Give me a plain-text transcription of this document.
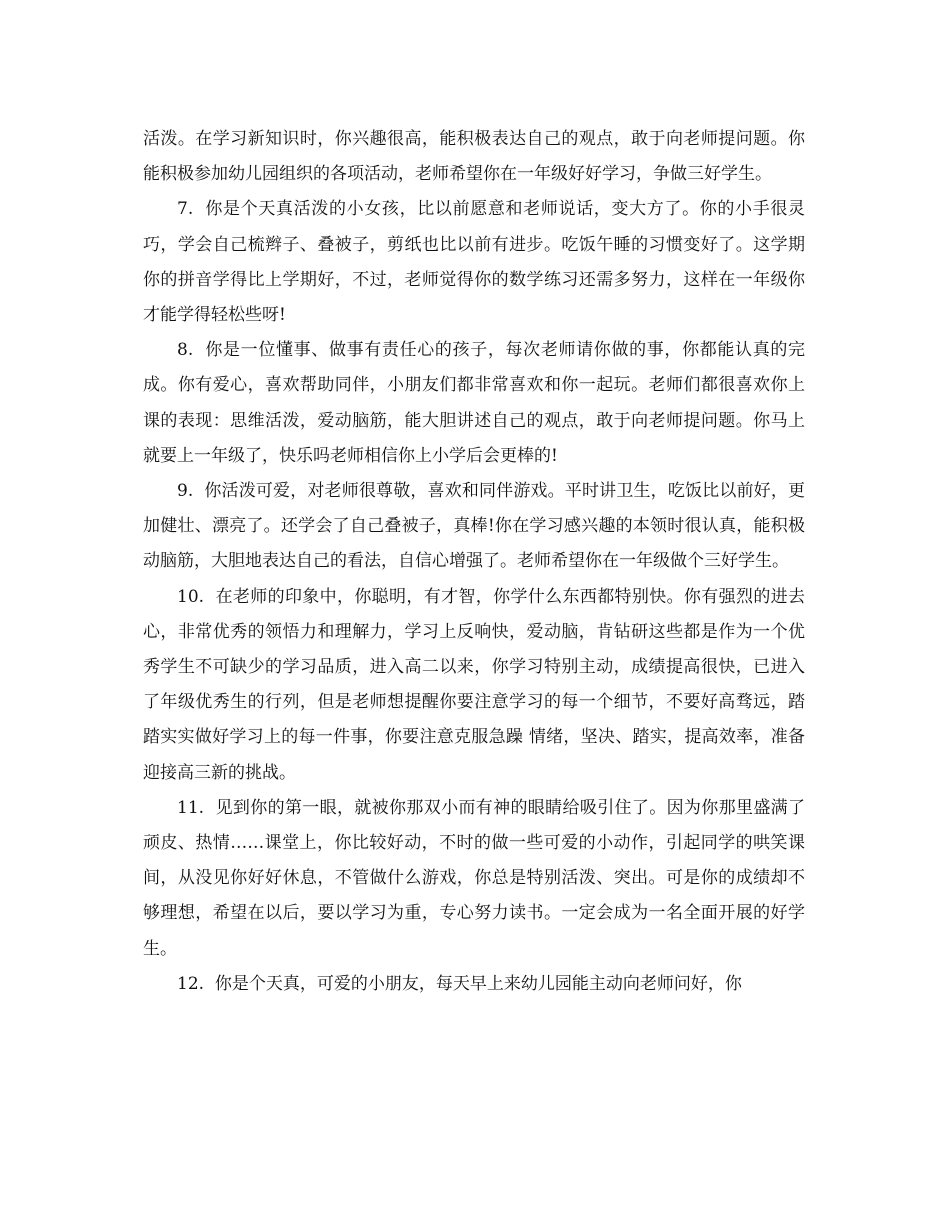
活泼。在学习新知识时，你兴趣很高，能积极表达自己的观点，敢于向老师提问题。你能积极参加幼儿园组织的各项活动，老师希望你在一年级好好学习，争做三好学生。

7. 你是个天真活泼的小女孩，比以前愿意和老师说话，变大方了。你的小手很灵巧，学会自己梳辫子、叠被子，剪纸也比以前有进步。吃饭午睡的习惯变好了。这学期你的拼音学得比上学期好，不过，老师觉得你的数学练习还需多努力，这样在一年级你才能学得轻松些呀!

8. 你是一位懂事、做事有责任心的孩子，每次老师请你做的事，你都能认真的完成。你有爱心，喜欢帮助同伴，小朋友们都非常喜欢和你一起玩。老师们都很喜欢你上课的表现：思维活泼，爱动脑筋，能大胆讲述自己的观点，敢于向老师提问题。你马上就要上一年级了，快乐吗老师相信你上小学后会更棒的!

9. 你活泼可爱，对老师很尊敬，喜欢和同伴游戏。平时讲卫生，吃饭比以前好，更加健壮、漂亮了。还学会了自己叠被子，真棒!你在学习感兴趣的本领时很认真，能积极动脑筋，大胆地表达自己的看法，自信心增强了。老师希望你在一年级做个三好学生。

10. 在老师的印象中，你聪明，有才智，你学什么东西都特别快。你有强烈的进去心，非常优秀的领悟力和理解力，学习上反响快，爱动脑，肯钻研这些都是作为一个优秀学生不可缺少的学习品质，进入高二以来，你学习特别主动，成绩提高很快，已进入了年级优秀生的行列，但是老师想提醒你要注意学习的每一个细节，不要好高骛远，踏踏实实做好学习上的每一件事，你要注意克服急躁 情绪，坚决、踏实，提高效率，准备迎接高三新的挑战。

11. 见到你的第一眼，就被你那双小而有神的眼睛给吸引住了。因为你那里盛满了顽皮、热情……课堂上，你比较好动，不时的做一些可爱的小动作，引起同学的哄笑课间，从没见你好好休息，不管做什么游戏，你总是特别活泼、突出。可是你的成绩却不够理想，希望在以后，要以学习为重，专心努力读书。一定会成为一名全面开展的好学生。

12. 你是个天真，可爱的小朋友，每天早上来幼儿园能主动向老师问好，你
